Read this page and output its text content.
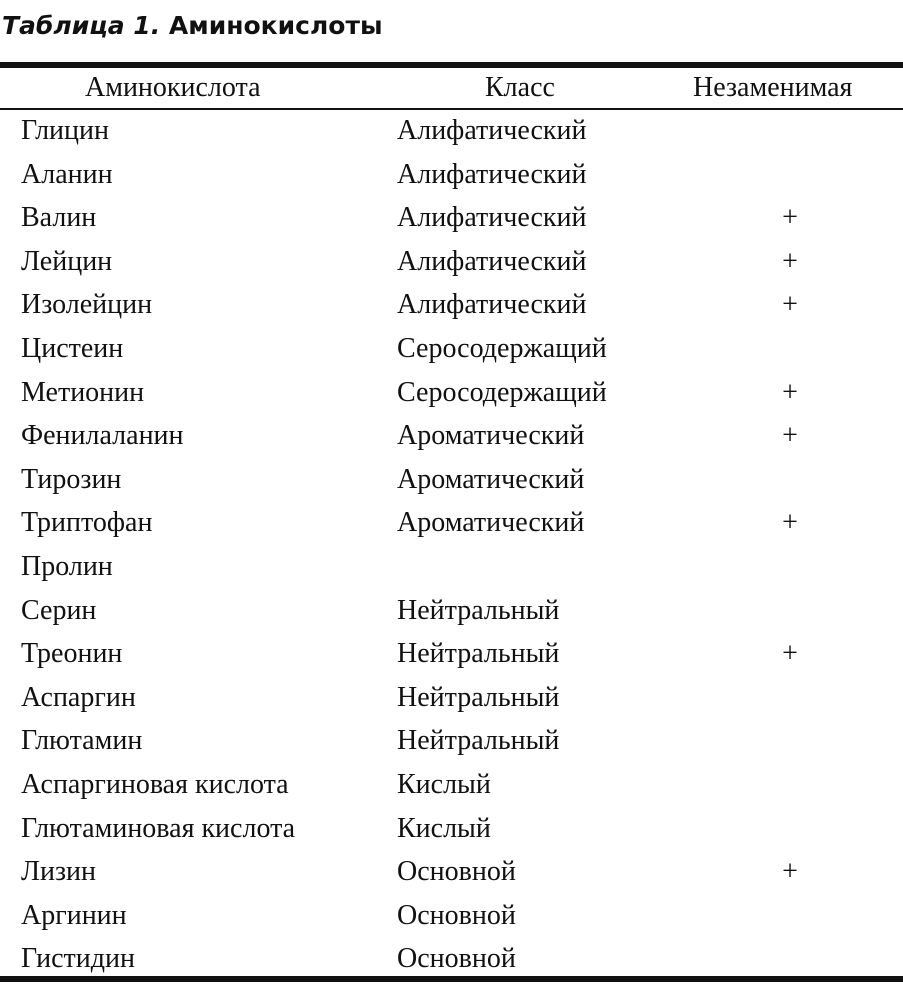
Таблица 1. Аминокислоты
Аминокислота	Класс	Незаменимая
Глицин	Алифатический
Аланин	Алифатический
Валин	Алифатический	+
Лейцин	Алифатический	+
Изолейцин	Алифатический	+
Цистеин	Серосодержащий
Метионин	Серосодержащий	+
Фенилаланин	Ароматический	+
Тирозин	Ароматический
Триптофан	Ароматический	+
Пролин
Серин	Нейтральный
Треонин	Нейтральный	+
Аспаргин	Нейтральный
Глютамин	Нейтральный
Аспаргиновая кислота	Кислый
Глютаминовая кислота	Кислый
Лизин	Основной	+
Аргинин	Основной
Гистидин	Основной
